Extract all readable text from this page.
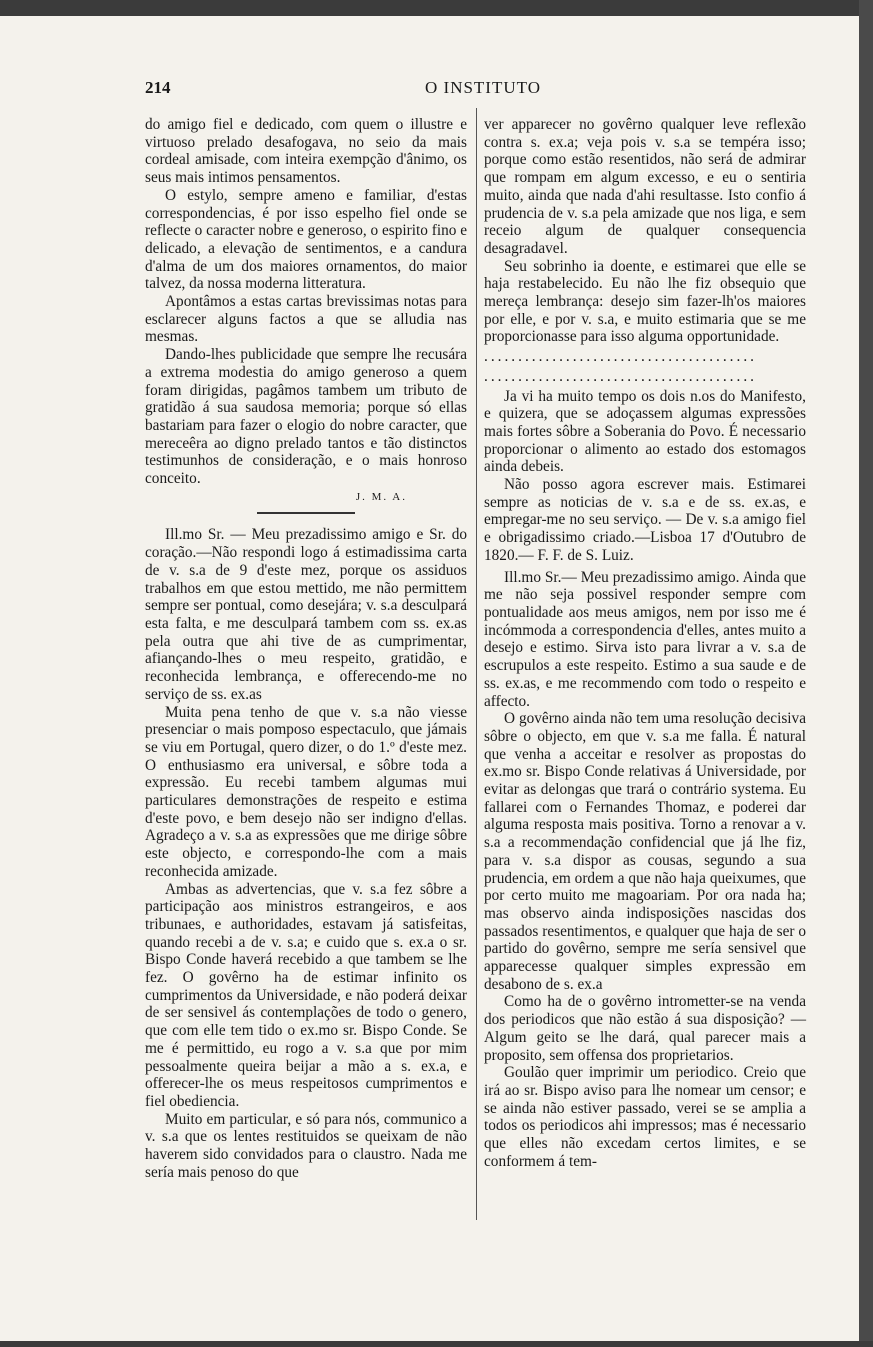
214	O INSTITUTO

do amigo fiel e dedicado, com quem o illustre e virtuoso prelado desafogava, no seio da mais cordeal amisade, com inteira exempção d'ânimo, os seus mais intimos pensamentos.

O estylo, sempre ameno e familiar, d'estas correspondencias, é por isso espelho fiel onde se reflecte o caracter nobre e generoso, o espirito fino e delicado, a elevação de sentimentos, e a candura d'alma de um dos maiores ornamentos, do maior talvez, da nossa moderna litteratura.

Apontâmos a estas cartas brevissimas notas para esclarecer alguns factos a que se alludia nas mesmas.

Dando-lhes publicidade que sempre lhe recusára a extrema modestia do amigo generoso a quem foram dirigidas, pagâmos tambem um tributo de gratidão á sua saudosa memoria; porque só ellas bastariam para fazer o elogio do nobre caracter, que mereceêra ao digno prelado tantos e tão distinctos testimunhos de consideração, e o mais honroso conceito.

J. M. A.

Ill.mo Sr. — Meu prezadissimo amigo e Sr. do coração.—Não respondi logo á estimadissima carta de v. s.a de 9 d'este mez, porque os assiduos trabalhos em que estou mettido, me não permittem sempre ser pontual, como desejára; v. s.a desculpará esta falta, e me desculpará tambem com ss. ex.as pela outra que ahi tive de as cumprimentar, afiançando-lhes o meu respeito, gratidão, e reconhecida lembrança, e offerecendo-me no serviço de ss. ex.as

Muita pena tenho de que v. s.a não viesse presenciar o mais pomposo espectaculo, que jámais se viu em Portugal, quero dizer, o do 1.º d'este mez. O enthusiasmo era universal, e sôbre toda a expressão. Eu recebi tambem algumas mui particulares demonstrações de respeito e estima d'este povo, e bem desejo não ser indigno d'ellas. Agradeço a v. s.a as expressões que me dirige sôbre este objecto, e correspondo-lhe com a mais reconhecida amizade.

Ambas as advertencias, que v. s.a fez sôbre a participação aos ministros estrangeiros, e aos tribunaes, e authoridades, estavam já satisfeitas, quando recebi a de v. s.a; e cuido que s. ex.a o sr. Bispo Conde haverá recebido a que tambem se lhe fez. O govêrno ha de estimar infinito os cumprimentos da Universidade, e não poderá deixar de ser sensivel ás contemplações de todo o genero, que com elle tem tido o ex.mo sr. Bispo Conde. Se me é permittido, eu rogo a v. s.a que por mim pessoalmente queira beijar a mão a s. ex.a, e offerecer-lhe os meus respeitosos cumprimentos e fiel obediencia.

Muito em particular, e só para nós, communico a v. s.a que os lentes restituidos se queixam de não haverem sido convidados para o claustro. Nada me sería mais penoso do que

ver apparecer no govêrno qualquer leve reflexão contra s. ex.a; veja pois v. s.a se tempéra isso; porque como estão resentidos, não será de admirar que rompam em algum excesso, e eu o sentiria muito, ainda que nada d'ahi resultasse. Isto confio á prudencia de v. s.a pela amizade que nos liga, e sem receio algum de qualquer consequencia desagradavel.

Seu sobrinho ia doente, e estimarei que elle se haja restabelecido. Eu não lhe fiz obsequio que mereça lembrança: desejo sim fazer-lh'os maiores por elle, e por v. s.a, e muito estimaria que se me proporcionasse para isso alguma opportunidade.

........................................

........................................

Ja vi ha muito tempo os dois n.os do Manifesto, e quizera, que se adoçassem algumas expressões mais fortes sôbre a Soberania do Povo. É necessario proporcionar o alimento ao estado dos estomagos ainda debeis.

Não posso agora escrever mais. Estimarei sempre as noticias de v. s.a e de ss. ex.as, e empregar-me no seu serviço. — De v. s.a amigo fiel e obrigadissimo criado.—Lisboa 17 d'Outubro de 1820.— F. F. de S. Luiz.

Ill.mo Sr.— Meu prezadissimo amigo. Ainda que me não seja possivel responder sempre com pontualidade aos meus amigos, nem por isso me é incómmoda a correspondencia d'elles, antes muito a desejo e estimo. Sirva isto para livrar a v. s.a de escrupulos a este respeito. Estimo a sua saude e de ss. ex.as, e me recommendo com todo o respeito e affecto.

O govêrno ainda não tem uma resolução decisiva sôbre o objecto, em que v. s.a me falla. É natural que venha a acceitar e resolver as propostas do ex.mo sr. Bispo Conde relativas á Universidade, por evitar as delongas que trará o contrário systema. Eu fallarei com o Fernandes Thomaz, e poderei dar alguma resposta mais positiva. Torno a renovar a v. s.a a recommendação confidencial que já lhe fiz, para v. s.a dispor as cousas, segundo a sua prudencia, em ordem a que não haja queixumes, que por certo muito me magoariam. Por ora nada ha; mas observo ainda indisposições nascidas dos passados resentimentos, e qualquer que haja de ser o partido do govêrno, sempre me sería sensivel que apparecesse qualquer simples expressão em desabono de s. ex.a

Como ha de o govêrno intrometter-se na venda dos periodicos que não estão á sua disposição? — Algum geito se lhe dará, qual parecer mais a proposito, sem offensa dos proprietarios.

Goulão quer imprimir um periodico. Creio que irá ao sr. Bispo aviso para lhe nomear um censor; e se ainda não estiver passado, verei se se amplia a todos os periodicos ahi impressos; mas é necessario que elles não excedam certos limites, e se conformem á tem-
